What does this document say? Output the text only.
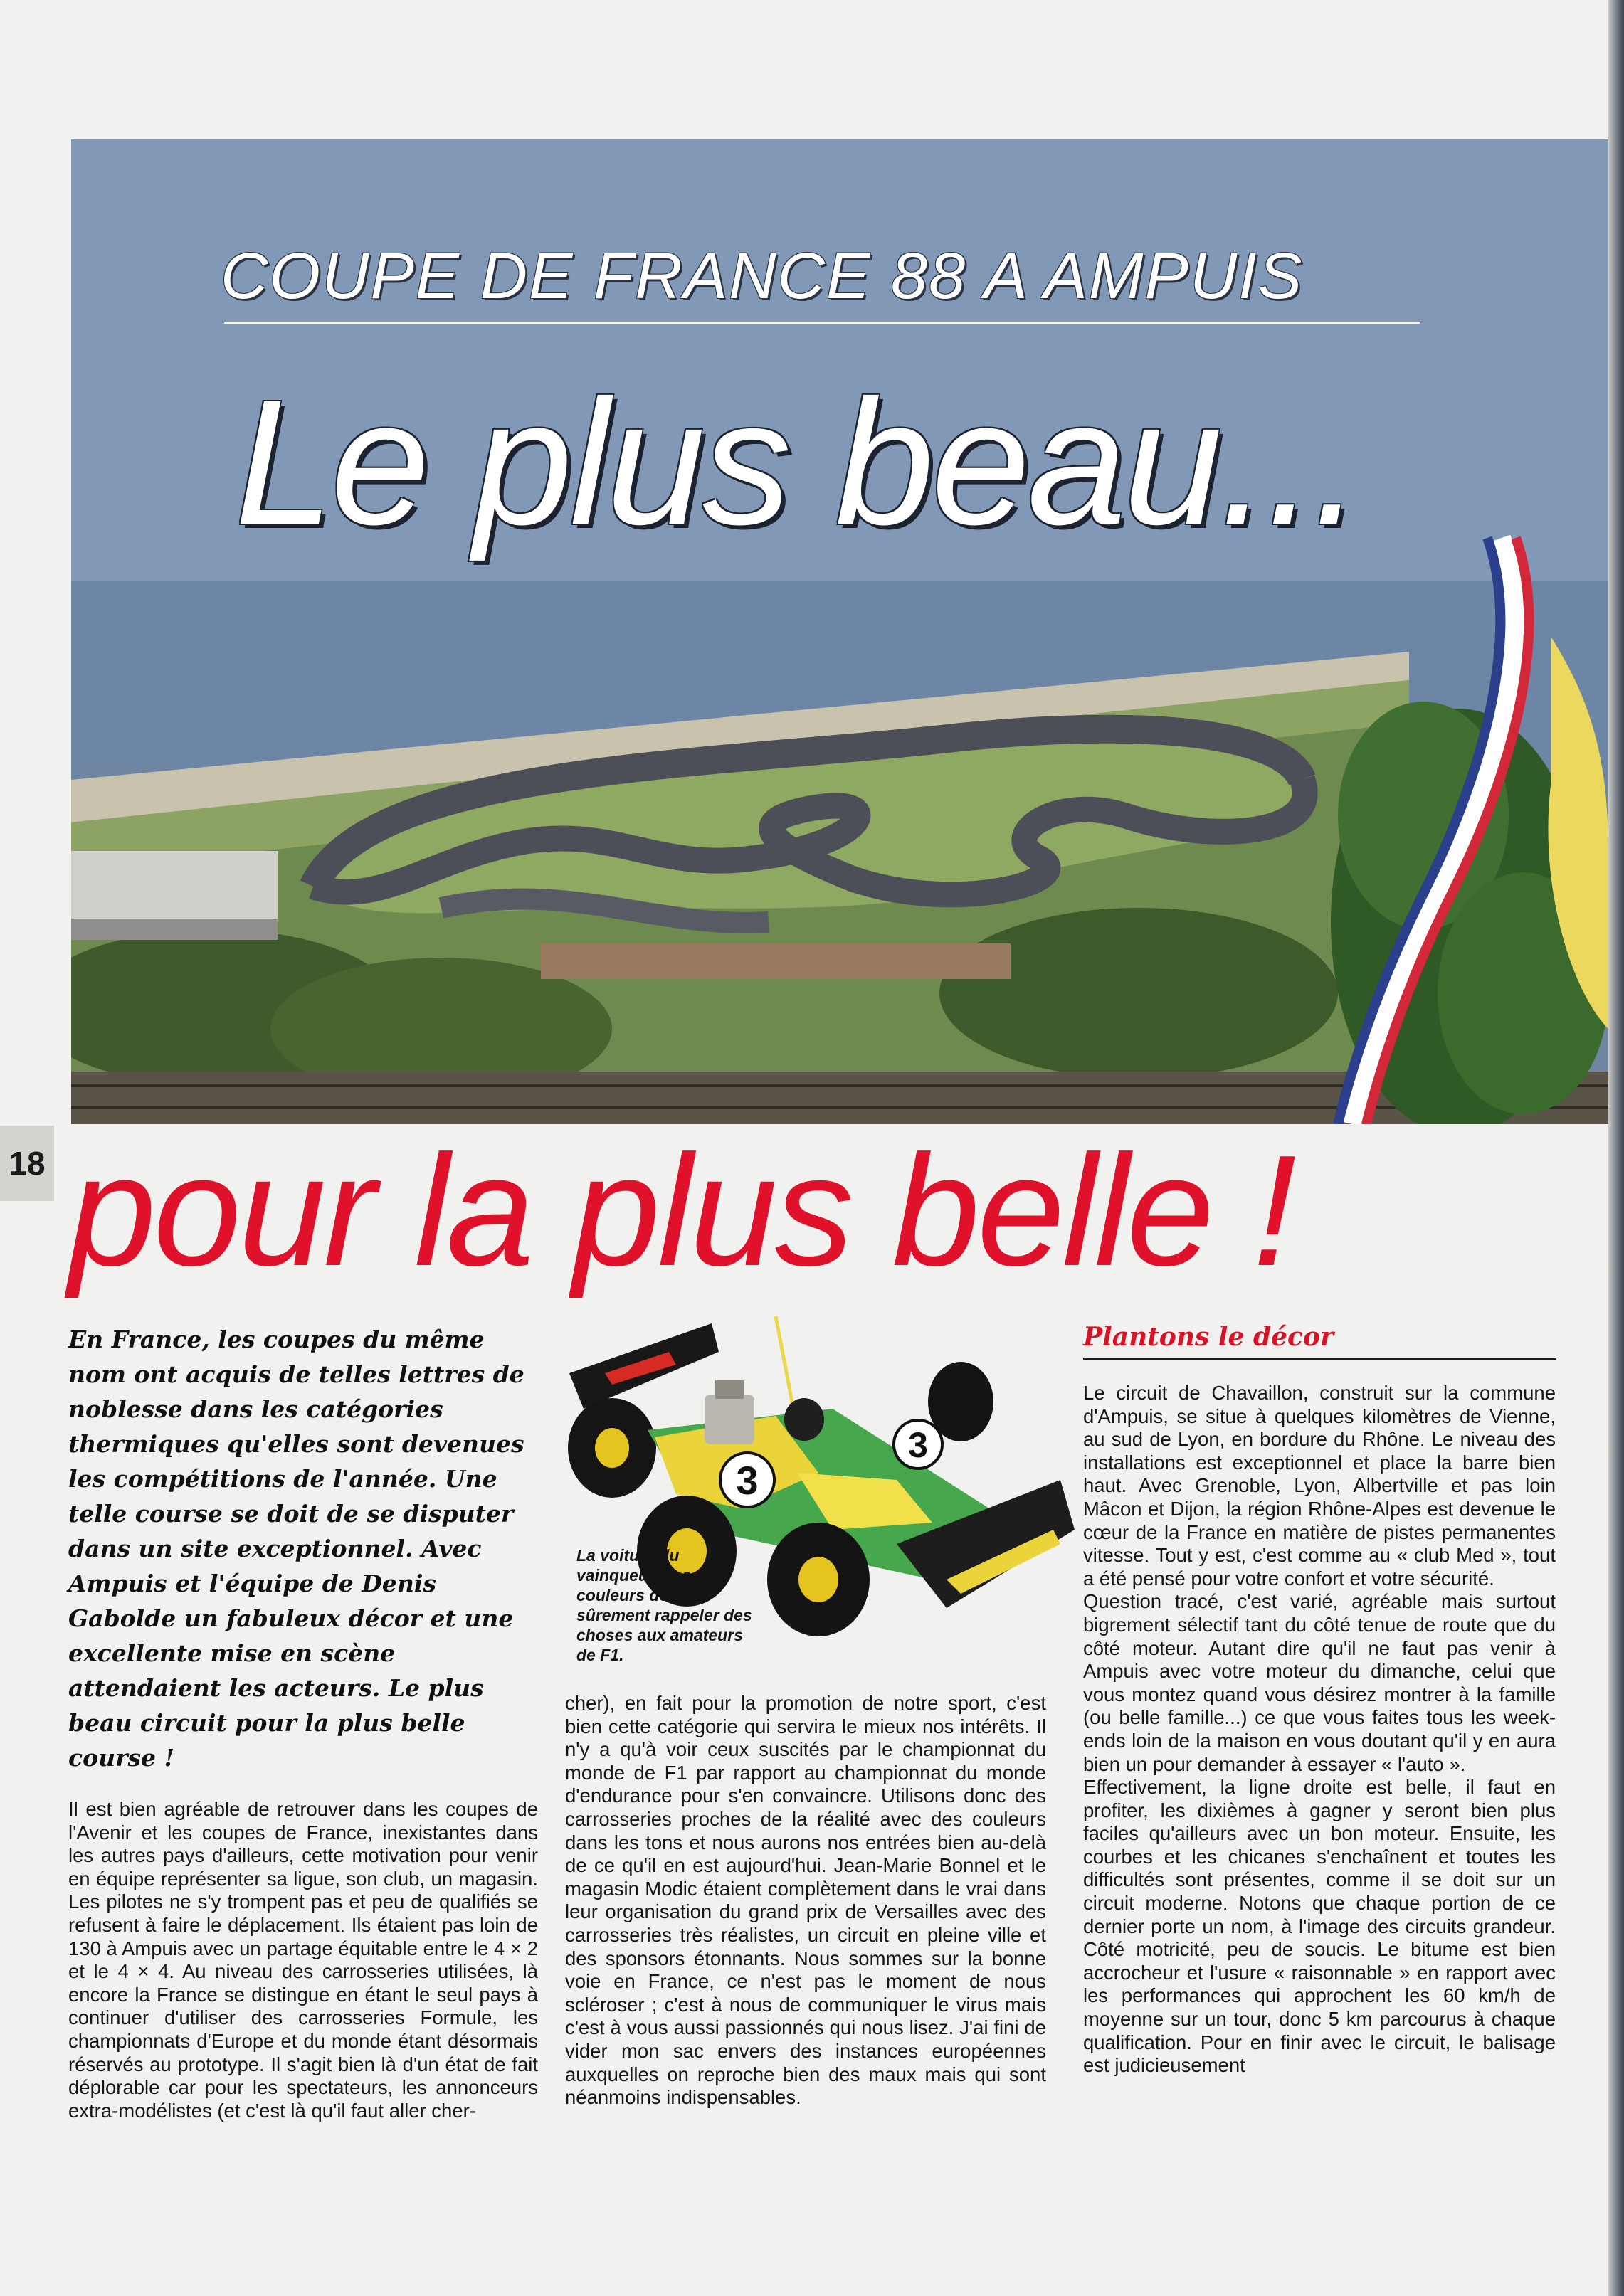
COUPE DE FRANCE 88 A AMPUIS
Le plus beau...
18 pour la plus belle !
En France, les coupes du même nom ont acquis de telles lettres de noblesse dans les catégories thermiques qu'elles sont devenues les compétitions de l'année. Une telle course se doit de se disputer dans un site exceptionnel. Avec Ampuis et l'équipe de Denis Gabolde un fabuleux décor et une excellente mise en scène attendaient les acteurs. Le plus beau circuit pour la plus belle course !
3
3
La voiture du vainqueur. Les couleurs doivent sûrement rappeler des choses aux amateurs de F1.

Il est bien agréable de retrouver dans les coupes de l'Avenir et les coupes de France, inexistantes dans les autres pays d'ailleurs, cette motivation pour venir en équipe représenter sa ligue, son club, un magasin. Les pilotes ne s'y trompent pas et peu de qualifiés se refusent à faire le déplacement. Ils étaient pas loin de 130 à Ampuis avec un partage équitable entre le 4 × 2 et le 4 × 4. Au niveau des carrosseries utilisées, là encore la France se distingue en étant le seul pays à continuer d'utiliser des carrosseries Formule, les championnats d'Europe et du monde étant désormais réservés au prototype. Il s'agit bien là d'un état de fait déplorable car pour les spectateurs, les annonceurs extra-modélistes (et c'est là qu'il faut aller cher-

cher), en fait pour la promotion de notre sport, c'est bien cette catégorie qui servira le mieux nos intérêts. Il n'y a qu'à voir ceux suscités par le championnat du monde de F1 par rapport au championnat du monde d'endurance pour s'en convaincre. Utilisons donc des carrosseries proches de la réalité avec des couleurs dans les tons et nous aurons nos entrées bien au-delà de ce qu'il en est aujourd'hui. Jean-Marie Bonnel et le magasin Modic étaient complètement dans le vrai dans leur organisation du grand prix de Versailles avec des carrosseries très réalistes, un circuit en pleine ville et des sponsors étonnants. Nous sommes sur la bonne voie en France, ce n'est pas le moment de nous scléroser ; c'est à nous de communiquer le virus mais c'est à vous aussi passionnés qui nous lisez. J'ai fini de vider mon sac envers des instances européennes auxquelles on reproche bien des maux mais qui sont néanmoins indispensables.

Plantons le décor

Le circuit de Chavaillon, construit sur la commune d'Ampuis, se situe à quelques kilomètres de Vienne, au sud de Lyon, en bordure du Rhône. Le niveau des installations est exceptionnel et place la barre bien haut. Avec Grenoble, Lyon, Albertville et pas loin Mâcon et Dijon, la région Rhône-Alpes est devenue le cœur de la France en matière de pistes permanentes vitesse. Tout y est, c'est comme au « club Med », tout a été pensé pour votre confort et votre sécurité.

Question tracé, c'est varié, agréable mais surtout bigrement sélectif tant du côté tenue de route que du côté moteur. Autant dire qu'il ne faut pas venir à Ampuis avec votre moteur du dimanche, celui que vous montez quand vous désirez montrer à la famille (ou belle famille...) ce que vous faites tous les week-ends loin de la maison en vous doutant qu'il y en aura bien un pour demander à essayer « l'auto ».

Effectivement, la ligne droite est belle, il faut en profiter, les dixièmes à gagner y seront bien plus faciles qu'ailleurs avec un bon moteur. Ensuite, les courbes et les chicanes s'enchaînent et toutes les difficultés sont présentes, comme il se doit sur un circuit moderne. Notons que chaque portion de ce dernier porte un nom, à l'image des circuits grandeur. Côté motricité, peu de soucis. Le bitume est bien accrocheur et l'usure « raisonnable » en rapport avec les performances qui approchent les 60 km/h de moyenne sur un tour, donc 5 km parcourus à chaque qualification. Pour en finir avec le circuit, le balisage est judicieusement
